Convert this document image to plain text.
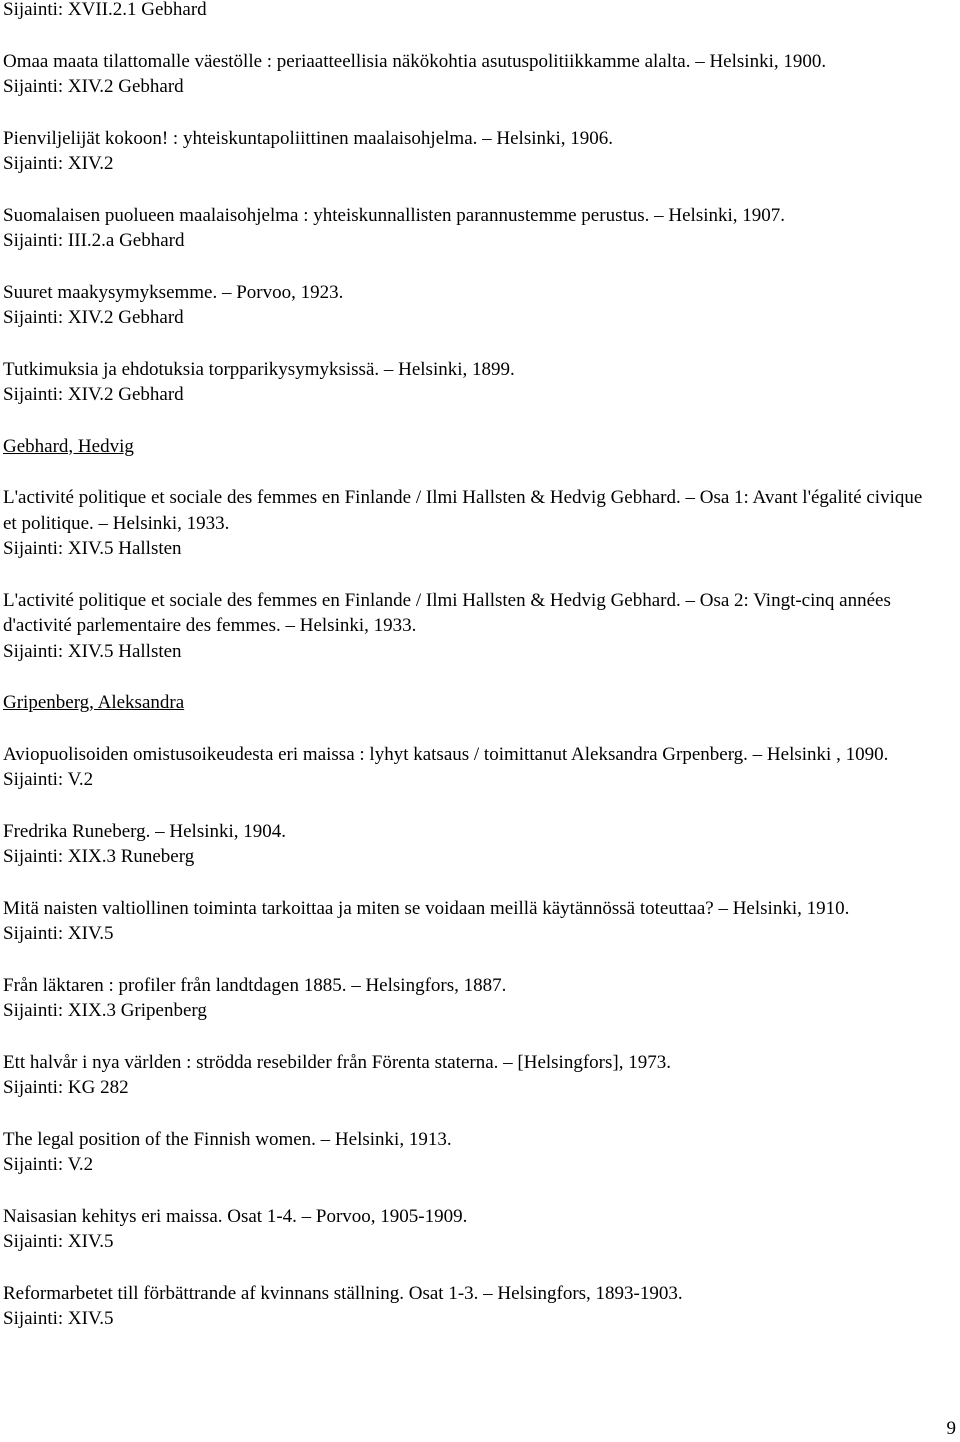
Sijainti: XVII.2.1 Gebhard
Omaa maata tilattomalle väestölle : periaatteellisia näkökohtia asutuspolitiikkamme alalta. – Helsinki, 1900.
Sijainti: XIV.2 Gebhard
Pienviljelijät kokoon! : yhteiskuntapoliittinen maalaisohjelma. – Helsinki, 1906.
Sijainti: XIV.2
Suomalaisen puolueen maalaisohjelma : yhteiskunnallisten parannustemme perustus. – Helsinki, 1907.
Sijainti: III.2.a Gebhard
Suuret maakysymyksemme. – Porvoo, 1923.
Sijainti: XIV.2 Gebhard
Tutkimuksia ja ehdotuksia torpparikysymyksissä. – Helsinki, 1899.
Sijainti: XIV.2 Gebhard
Gebhard, Hedvig
L'activité politique et sociale des femmes en Finlande / Ilmi Hallsten & Hedvig Gebhard. – Osa 1: Avant l'égalité civique et politique. – Helsinki, 1933.
Sijainti: XIV.5 Hallsten
L'activité politique et sociale des femmes en Finlande / Ilmi Hallsten & Hedvig Gebhard. – Osa 2: Vingt-cinq années d'activité parlementaire des femmes. – Helsinki, 1933.
Sijainti: XIV.5 Hallsten
Gripenberg, Aleksandra
Aviopuolisoiden omistusoikeudesta eri maissa : lyhyt katsaus / toimittanut Aleksandra Grpenberg. – Helsinki , 1090.
Sijainti: V.2
Fredrika Runeberg. – Helsinki, 1904.
Sijainti: XIX.3 Runeberg
Mitä naisten valtiollinen toiminta tarkoittaa ja miten se voidaan meillä käytännössä toteuttaa? – Helsinki, 1910.
Sijainti: XIV.5
Från läktaren : profiler från landtdagen 1885. – Helsingfors, 1887.
Sijainti: XIX.3 Gripenberg
Ett halvår i nya världen : strödda resebilder från Förenta staterna. – [Helsingfors], 1973.
Sijainti: KG 282
The legal position of the Finnish women. – Helsinki, 1913.
Sijainti: V.2
Naisasian kehitys eri maissa. Osat 1-4. – Porvoo, 1905-1909.
Sijainti: XIV.5
Reformarbetet till förbättrande af kvinnans ställning. Osat 1-3. – Helsingfors, 1893-1903.
Sijainti: XIV.5
9
